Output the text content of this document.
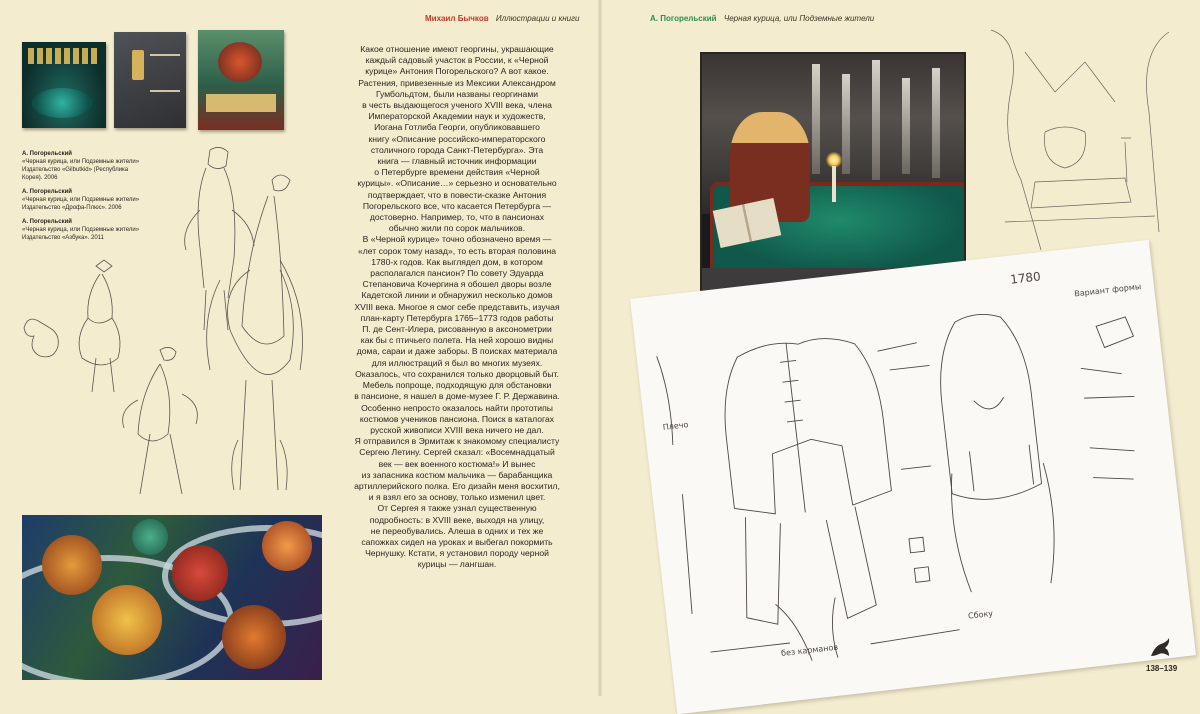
Михаил Бычков Иллюстрации и книги	А. Погорельский Черная курица, или Подземные жители
А. Погорельский
«Черная курица, или Подземные жители»
Издательство «Gilbutkid» (Республика Корея). 2006
А. Погорельский
«Черная курица, или Подземные жители»
Издательство «Дрофа-Плюс». 2006
А. Погорельский
«Черная курица, или Подземные жители»
Издательство «Азбука». 2011

Какое отношение имеют георгины, украшающие

каждый садовый участок в России, к «Черной

курице» Антония Погорельского? А вот какое.

Растения, привезенные из Мексики Александром

Гумбольдтом, были названы георгинами

в честь выдающегося ученого XVIII века, члена

Императорской Академии наук и художеств,

Иогана Готлиба Георги, опубликовавшего

книгу «Описание российско-императорского

столичного города Санкт-Петербурга». Эта

книга — главный источник информации

о Петербурге времени действия «Черной

курицы». «Описание…» серьезно и основательно

подтверждает, что в повести-сказке Антония

Погорельского все, что касается Петербурга —

достоверно. Например, то, что в пансионах

обычно жили по сорок мальчиков.

В «Черной курице» точно обозначено время —

«лет сорок тому назад», то есть вторая половина

1780-х годов. Как выглядел дом, в котором

располагался пансион? По совету Эдуарда

Степановича Кочергина я обошел дворы возле

Кадетской линии и обнаружил несколько домов

XVIII века. Многое я смог себе представить, изучая

план-карту Петербурга 1765–1773 годов работы

П. де Сент-Илера, рисованную в аксонометрии

как бы с птичьего полета. На ней хорошо видны

дома, сараи и даже заборы. В поисках материала

для иллюстраций я был во многих музеях.

Оказалось, что сохранился только дворцовый быт.

Мебель попроще, подходящую для обстановки

в пансионе, я нашел в доме-музее Г. Р. Державина.

Особенно непросто оказалось найти прототипы

костюмов учеников пансиона. Поиск в каталогах

русской живописи XVIII века ничего не дал.

Я отправился в Эрмитаж к знакомому специалисту

Сергею Летину. Сергей сказал: «Восемнадцатый

век — век военного костюма!» И вынес

из запасника костюм мальчика — барабанщика

артиллерийского полка. Его дизайн меня восхитил,

и я взял его за основу, только изменил цвет.

От Сергея я также узнал существенную

подробность: в XVIII веке, выходя на улицу,

не переобувались. Алеша в одних и тех же

сапожках сидел на уроках и выбегал покормить

Чернушку. Кстати, я установил породу черной

курицы — лангшан.

1780
Плечо
Вариант формы
без карманов
Сбоку
138–139
